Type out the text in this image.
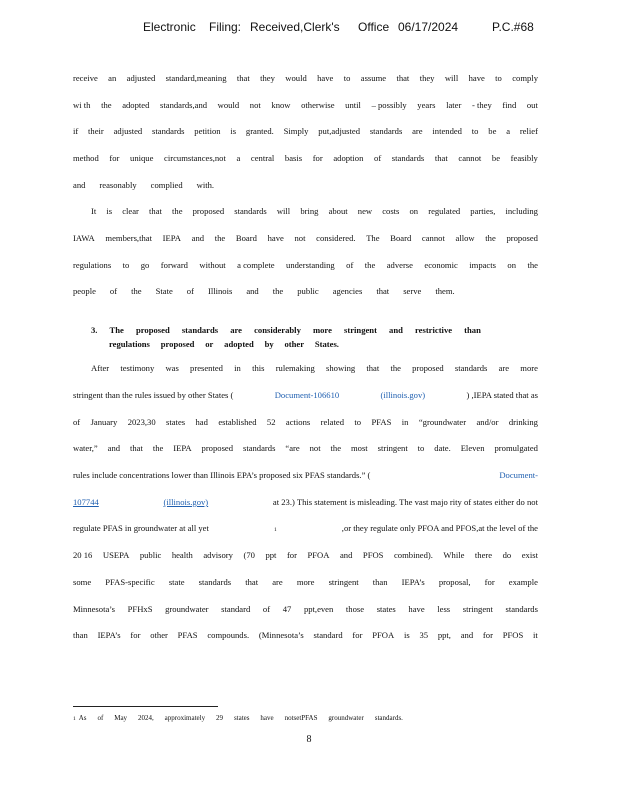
Electronic Filing: Received,Clerk's Office 06/17/2024	P.C.#68
receive an adjusted standard,meaning that they would have to assume that they will have to comply
wi th the adopted standards,and would not know otherwise until – possibly years later - they find out
if their adjusted standards petition is granted. Simply put,adjusted standards are intended to be a relief
method for unique circumstances,not a central basis for adoption of standards that cannot be feasibly
and reasonably complied with.
It is clear that the proposed standards will bring about new costs on regulated parties, including
IAWA members,that IEPA and the Board have not considered. The Board cannot allow the proposed
regulations to go forward without a complete understanding of the adverse economic impacts on the
people of the State of Illinois and the public agencies that serve them.
3. The proposed standards are considerably more stringent and restrictive than
regulations proposed or adopted by other States.
After testimony was presented in this rulemaking showing that the proposed standards are more
stringent than the rules issued by other States (	Document-106610	(illinois.gov)	) ,IEPA stated that as
of January 2023,30 states had established 52 actions related to PFAS in “groundwater and/or drinking
water,” and that the IEPA proposed standards “are not the most stringent to date. Eleven promulgated
rules include concentrations lower than Illinois EPA’s proposed six PFAS standards.” (	Document-
107744	(illinois.gov)	at 23.) This statement is misleading. The vast majo rity of states either do not
regulate PFAS in groundwater at all yet	1	,or they regulate only PFOA and PFOS,at the level of the
20 16 USEPA public health advisory (70 ppt for PFOA and PFOS combined). While there do exist
some PFAS-specific state standards that are more stringent than IEPA’s proposal, for example
Minnesota’s PFHxS groundwater standard of 47 ppt,even those states have less stringent standards
than IEPA’s for other PFAS compounds. (Minnesota’s standard for PFOA is 35 ppt, and for PFOS it
1 As of May 2024, approximately 29 states have notsetPFAS groundwater standards.
8
